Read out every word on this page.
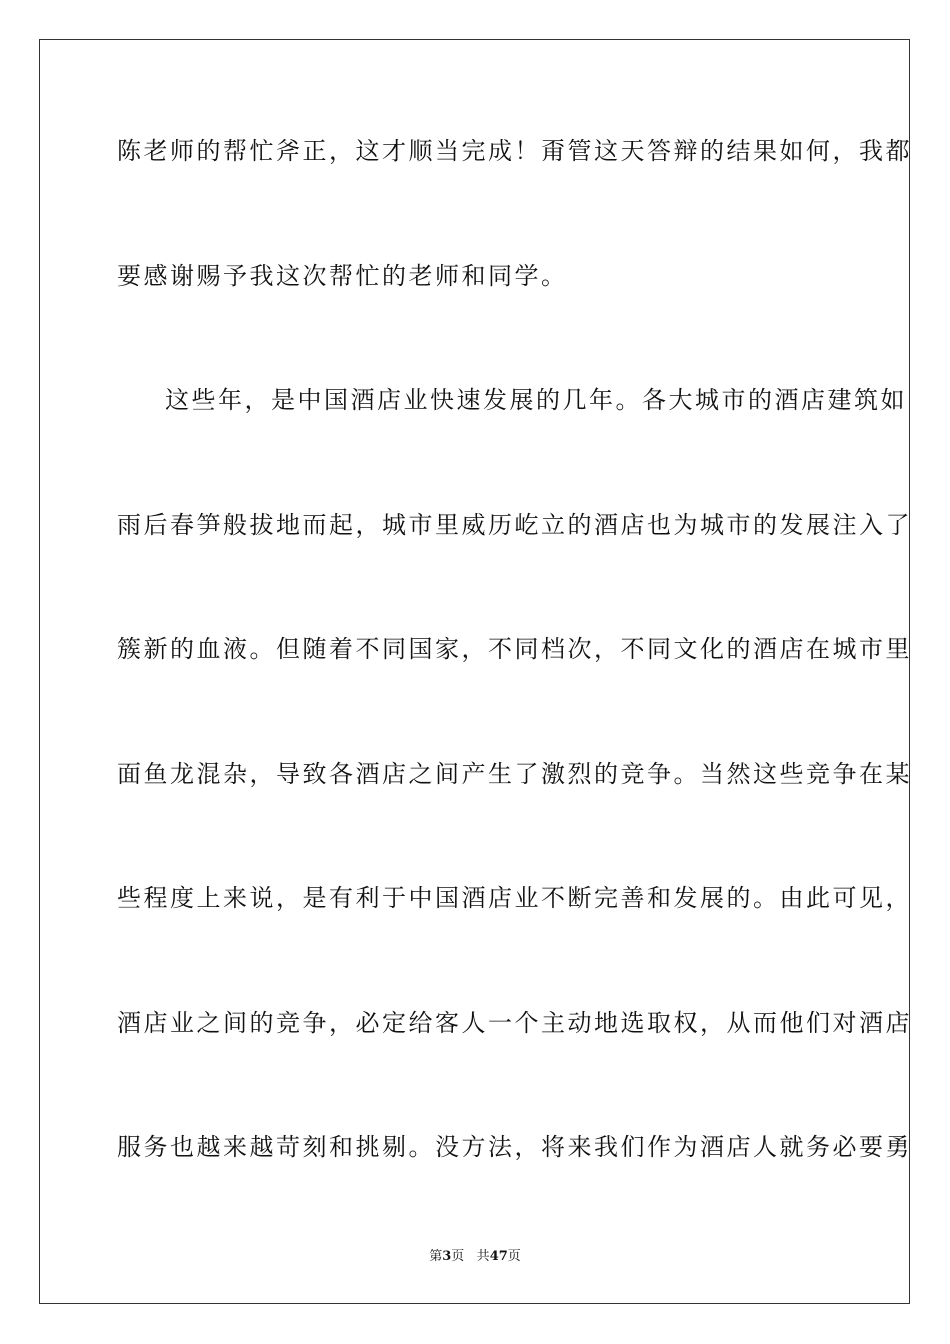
陈老师的帮忙斧正，这才顺当完成！甭管这天答辩的结果如何，我都
要感谢赐予我这次帮忙的老师和同学。
这些年，是中国酒店业快速发展的几年。各大城市的酒店建筑如
雨后春笋般拔地而起，城市里威历屹立的酒店也为城市的发展注入了
簇新的血液。但随着不同国家，不同档次，不同文化的酒店在城市里
面鱼龙混杂，导致各酒店之间产生了激烈的竞争。当然这些竞争在某
些程度上来说，是有利于中国酒店业不断完善和发展的。由此可见，
酒店业之间的竞争，必定给客人一个主动地选取权，从而他们对酒店
服务也越来越苛刻和挑剔。没方法，将来我们作为酒店人就务必要勇
第3页 共47页
